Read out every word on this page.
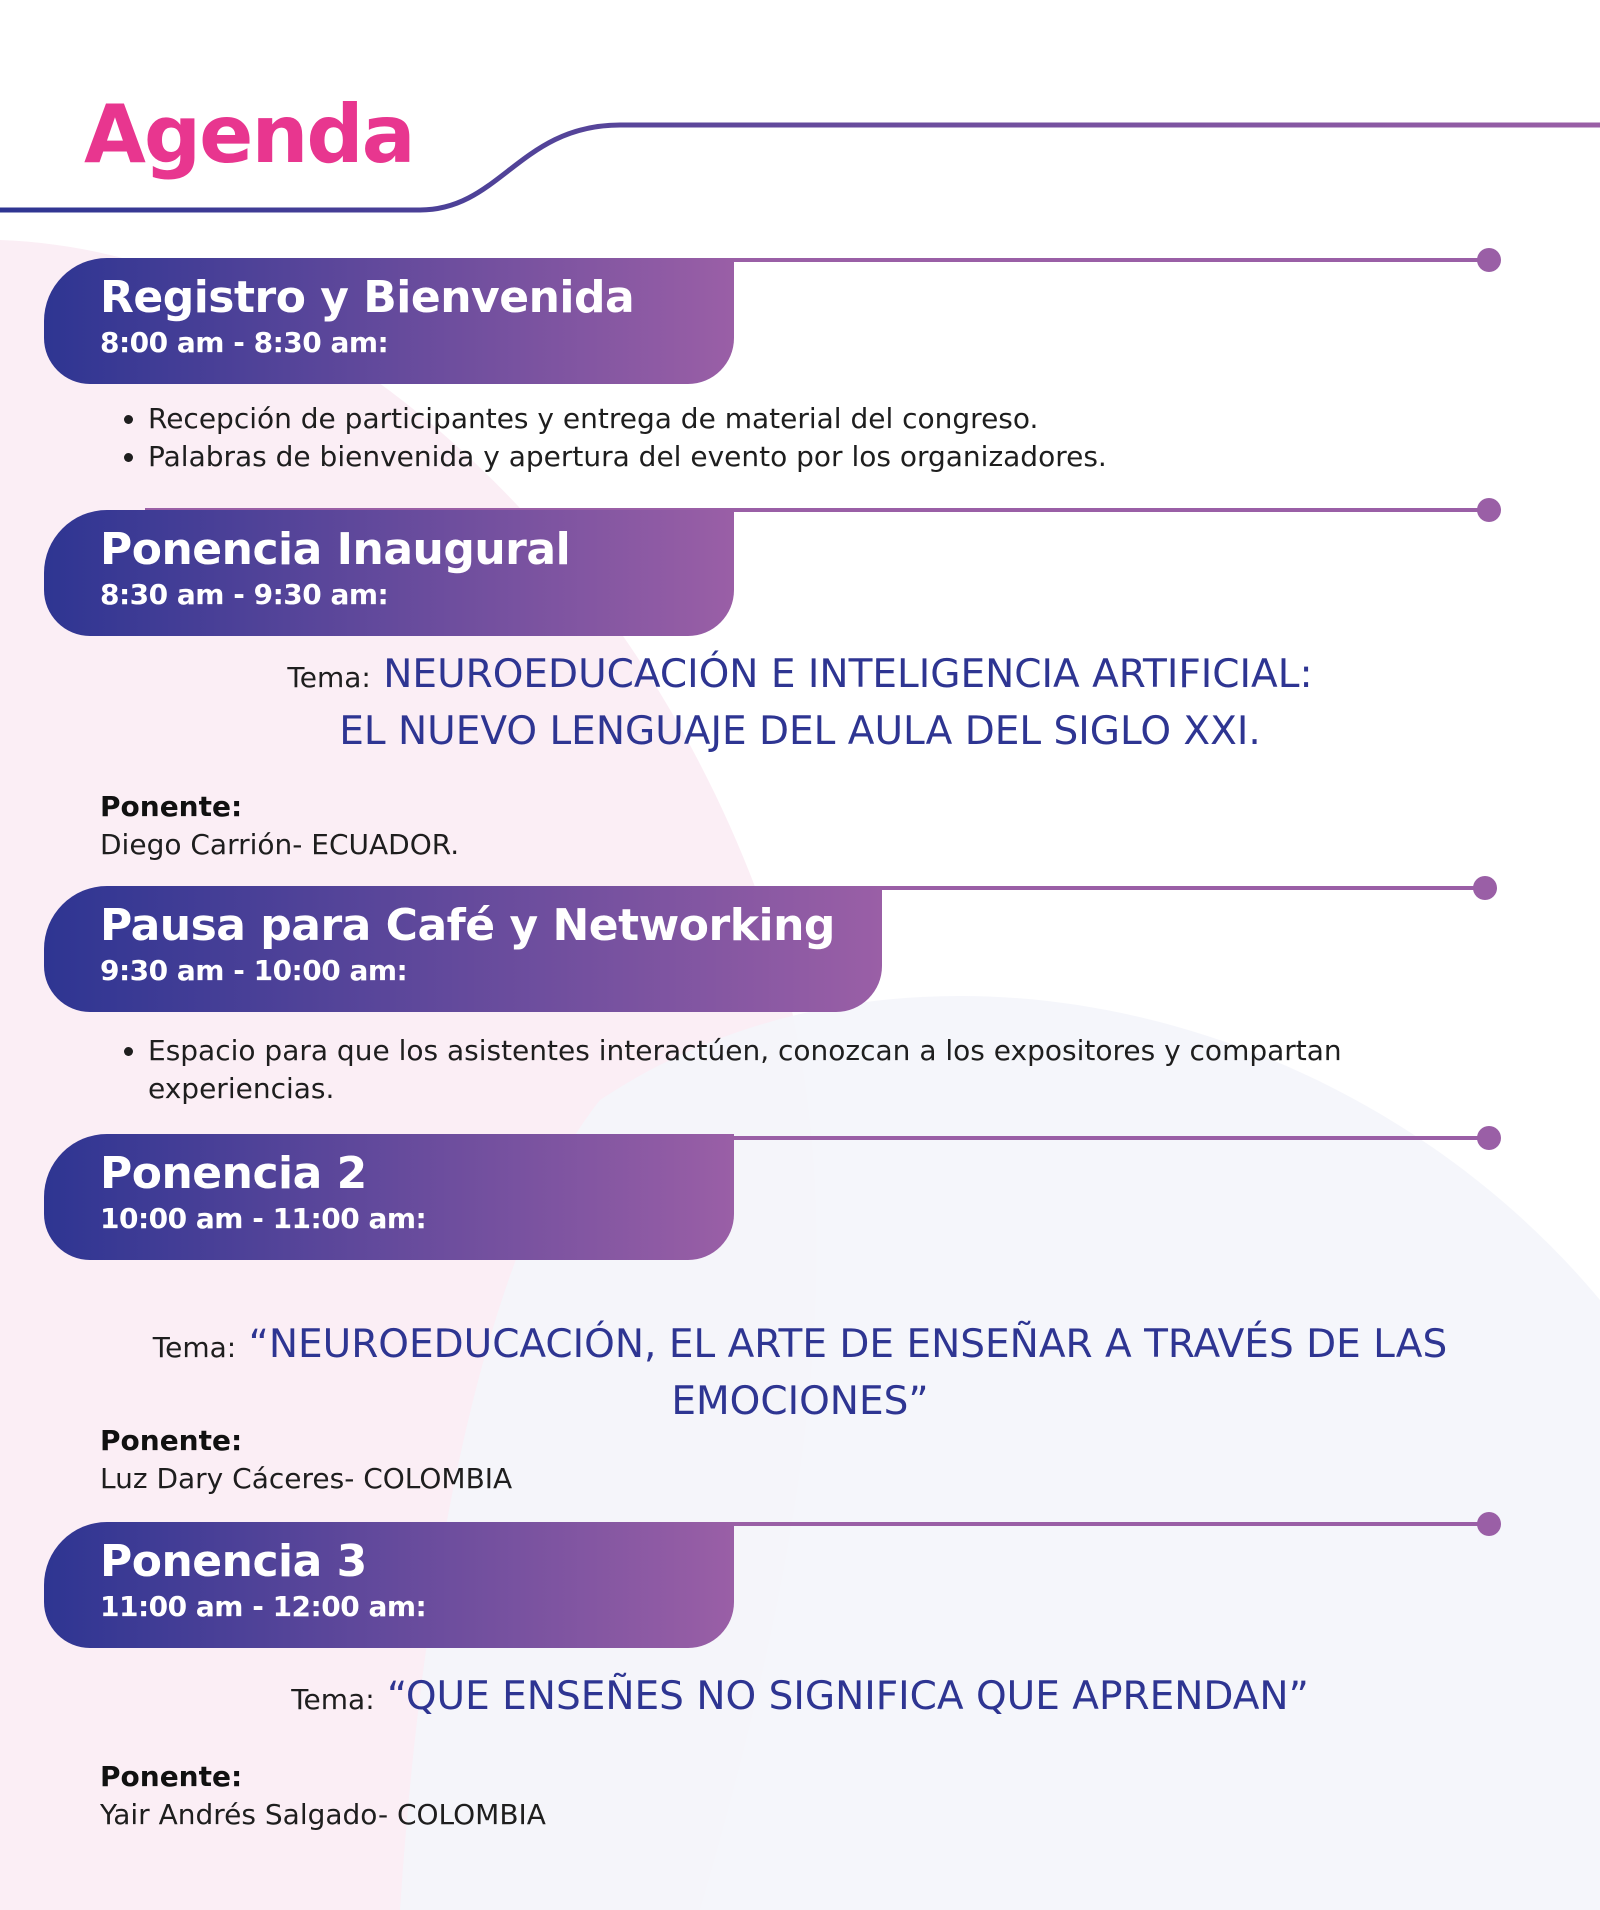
Agenda
Registro y Bienvenida
8:00 am - 8:30 am:
• Recepción de participantes y entrega de material del congreso.
• Palabras de bienvenida y apertura del evento por los organizadores.
Ponencia Inaugural
8:30 am - 9:30 am:
Tema: NEUROEDUCACIÓN E INTELIGENCIA ARTIFICIAL:
EL NUEVO LENGUAJE DEL AULA DEL SIGLO XXI.
Ponente:
Diego Carrión- ECUADOR.
Pausa para Café y Networking
9:30 am - 10:00 am:
• Espacio para que los asistentes interactúen, conozcan a los expositores y compartan experiencias.
Ponencia 2
10:00 am - 11:00 am:
Tema: “NEUROEDUCACIÓN, EL ARTE DE ENSEÑAR A TRAVÉS DE LAS
EMOCIONES”
Ponente:
Luz Dary Cáceres- COLOMBIA
Ponencia 3
11:00 am - 12:00 am:
Tema: “QUE ENSEÑES NO SIGNIFICA QUE APRENDAN”
Ponente:
Yair Andrés Salgado- COLOMBIA
